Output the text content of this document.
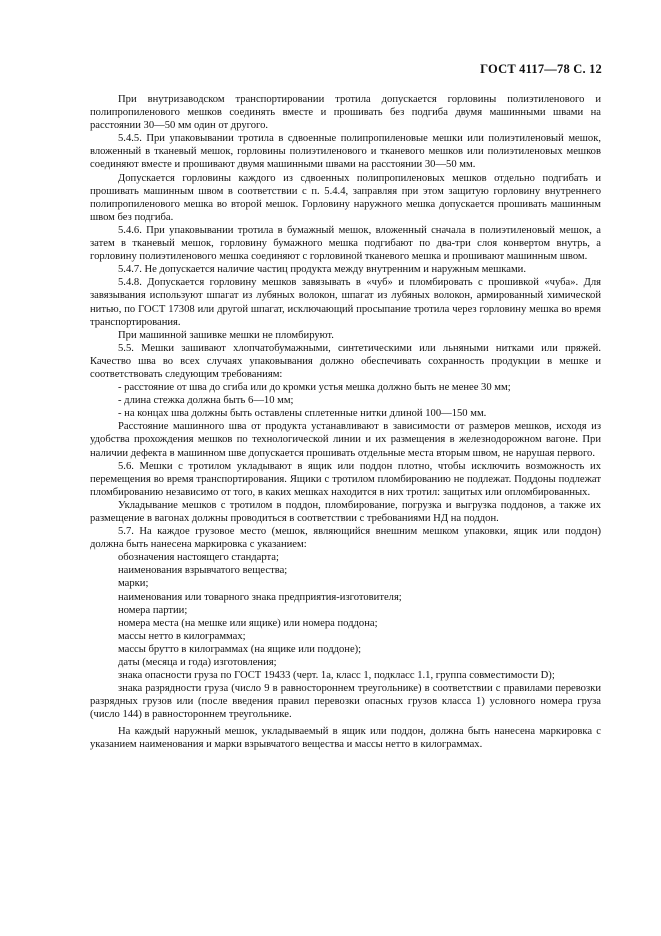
ГОСТ 4117—78 С. 12

При внутризаводском транспортировании тротила допускается горловины полиэтиленового и полипропиленового мешков соединять вместе и прошивать без подгиба двумя машинными швами на расстоянии 30—50 мм один от другого.

5.4.5. При упаковывании тротила в сдвоенные полипропиленовые мешки или полиэтиленовый мешок, вложенный в тканевый мешок, горловины полиэтиленового и тканевого мешков или полиэтиленовых мешков соединяют вместе и прошивают двумя машинными швами на расстоянии 30—50 мм.

Допускается горловины каждого из сдвоенных полипропиленовых мешков отдельно подгибать и прошивать машинным швом в соответствии с п. 5.4.4, заправляя при этом защитую горловину внутреннего полипропиленового мешка во второй мешок. Горловину наружного мешка допускается прошивать машинным швом без подгиба.

5.4.6. При упаковывании тротила в бумажный мешок, вложенный сначала в полиэтиленовый мешок, а затем в тканевый мешок, горловину бумажного мешка подгибают по два-три слоя конвертом внутрь, а горловину полиэтиленового мешка соединяют с горловиной тканевого мешка и прошивают машинным швом.

5.4.7. Не допускается наличие частиц продукта между внутренним и наружным мешками.

5.4.8. Допускается горловину мешков завязывать в «чуб» и пломбировать с прошивкой «чуба». Для завязывания используют шпагат из лубяных волокон, шпагат из лубяных волокон, армированный химической нитью, по ГОСТ 17308 или другой шпагат, исключающий просыпание тротила через горловину мешка во время транспортирования.

При машинной зашивке мешки не пломбируют.

5.5. Мешки зашивают хлопчатобумажными, синтетическими или льняными нитками или пряжей. Качество шва во всех случаях упаковывания должно обеспечивать сохранность продукции в мешке и соответствовать следующим требованиям:

- расстояние от шва до сгиба или до кромки устья мешка должно быть не менее 30 мм;

- длина стежка должна быть 6—10 мм;

- на концах шва должны быть оставлены сплетенные нитки длиной 100—150 мм.

Расстояние машинного шва от продукта устанавливают в зависимости от размеров мешков, исходя из удобства прохождения мешков по технологической линии и их размещения в железнодорожном вагоне. При наличии дефекта в машинном шве допускается прошивать отдельные места вторым швом, не нарушая первого.

5.6. Мешки с тротилом укладывают в ящик или поддон плотно, чтобы исключить возможность их перемещения во время транспортирования. Ящики с тротилом пломбированию не подлежат. Поддоны подлежат пломбированию независимо от того, в каких мешках находится в них тротил: защитых или опломбированных.

Укладывание мешков с тротилом в поддон, пломбирование, погрузка и выгрузка поддонов, а также их размещение в вагонах должны проводиться в соответствии с требованиями НД на поддон.

5.7. На каждое грузовое место (мешок, являющийся внешним мешком упаковки, ящик или поддон) должна быть нанесена маркировка с указанием:

обозначения настоящего стандарта;

наименования взрывчатого вещества;

марки;

наименования или товарного знака предприятия-изготовителя;

номера партии;

номера места (на мешке или ящике) или номера поддона;

массы нетто в килограммах;

массы брутто в килограммах (на ящике или поддоне);

даты (месяца и года) изготовления;

знака опасности груза по ГОСТ 19433 (черт. 1а, класс 1, подкласс 1.1, группа совместимости D);

знака разрядности груза (число 9 в равностороннем треугольнике) в соответствии с правилами перевозки разрядных грузов или (после введения правил перевозки опасных грузов класса 1) условного номера груза (число 144) в равностороннем треугольнике.

На каждый наружный мешок, укладываемый в ящик или поддон, должна быть нанесена маркировка с указанием наименования и марки взрывчатого вещества и массы нетто в килограммах.
